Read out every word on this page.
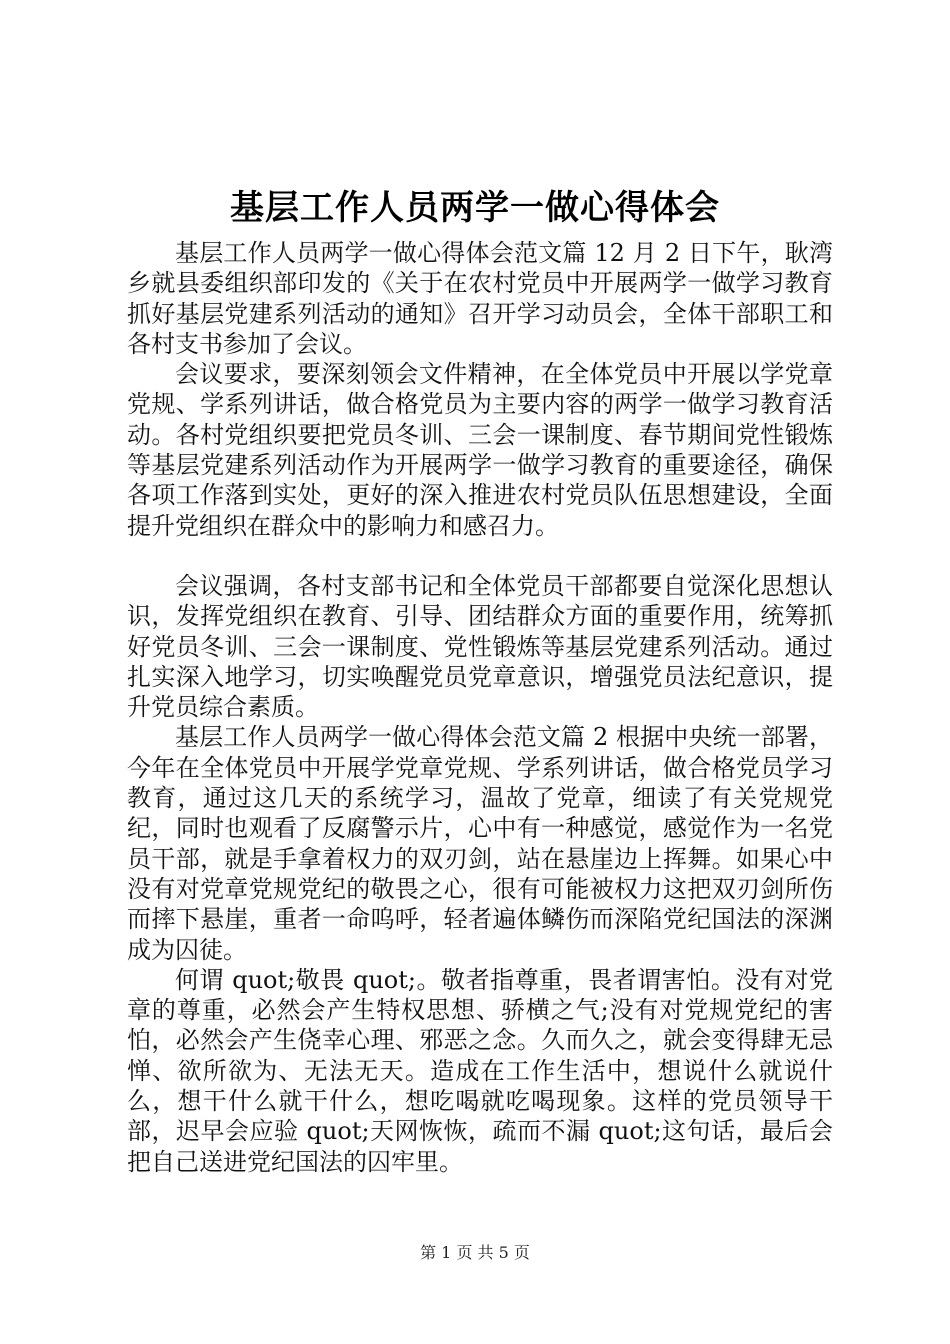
基层工作人员两学一做心得体会

基层工作人员两学一做心得体会范文篇 12 月 2 日下午，耿湾乡就县委组织部印发的《关于在农村党员中开展两学一做学习教育抓好基层党建系列活动的通知》召开学习动员会，全体干部职工和各村支书参加了会议。

会议要求，要深刻领会文件精神，在全体党员中开展以学党章党规、学系列讲话，做合格党员为主要内容的两学一做学习教育活动。各村党组织要把党员冬训、三会一课制度、春节期间党性锻炼等基层党建系列活动作为开展两学一做学习教育的重要途径，确保各项工作落到实处，更好的深入推进农村党员队伍思想建设，全面提升党组织在群众中的影响力和感召力。

会议强调，各村支部书记和全体党员干部都要自觉深化思想认识，发挥党组织在教育、引导、团结群众方面的重要作用，统筹抓好党员冬训、三会一课制度、党性锻炼等基层党建系列活动。通过扎实深入地学习，切实唤醒党员党章意识，增强党员法纪意识，提升党员综合素质。

基层工作人员两学一做心得体会范文篇 2 根据中央统一部署，今年在全体党员中开展学党章党规、学系列讲话，做合格党员学习教育，通过这几天的系统学习，温故了党章，细读了有关党规党纪，同时也观看了反腐警示片，心中有一种感觉，感觉作为一名党员干部，就是手拿着权力的双刃剑，站在悬崖边上挥舞。如果心中没有对党章党规党纪的敬畏之心，很有可能被权力这把双刃剑所伤而摔下悬崖，重者一命呜呼，轻者遍体鳞伤而深陷党纪国法的深渊成为囚徒。

何谓 quot;敬畏 quot;。敬者指尊重，畏者谓害怕。没有对党章的尊重，必然会产生特权思想、骄横之气;没有对党规党纪的害怕，必然会产生侥幸心理、邪恶之念。久而久之，就会变得肆无忌惮、欲所欲为、无法无天。造成在工作生活中，想说什么就说什么，想干什么就干什么，想吃喝就吃喝现象。这样的党员领导干部，迟早会应验 quot;天网恢恢，疏而不漏 quot;这句话，最后会把自己送进党纪国法的囚牢里。

第 1 页 共 5 页
